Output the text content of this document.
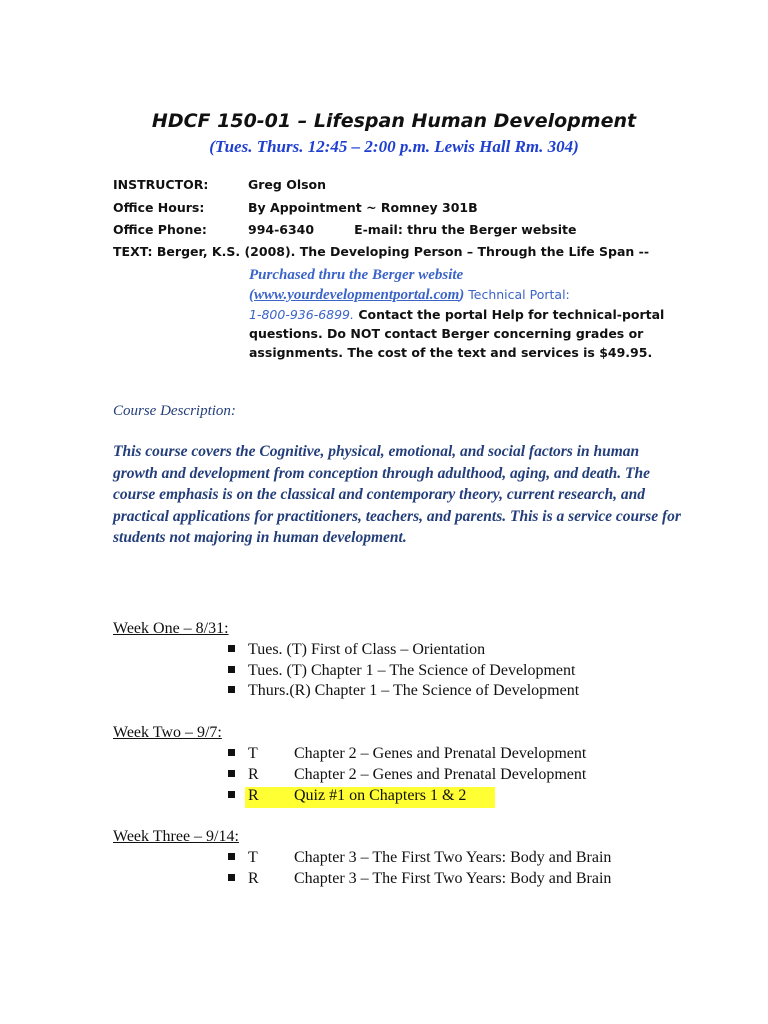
HDCF 150-01 – Lifespan Human Development
(Tues. Thurs. 12:45 – 2:00 p.m. Lewis Hall Rm. 304)
INSTRUCTOR:	Greg Olson
Office Hours:	By Appointment ~ Romney 301B
Office Phone:	994-6340	E-mail: thru the Berger website
TEXT: Berger, K.S. (2008). The Developing Person – Through the Life Span --
Purchased thru the Berger website
(www.yourdevelopmentportal.com) Technical Portal:
1-800-936-6899. Contact the portal Help for technical-portal questions. Do NOT contact Berger concerning grades or assignments. The cost of the text and services is $49.95.
Course Description:
This course covers the Cognitive, physical, emotional, and social factors in human growth and development from conception through adulthood, aging, and death. The course emphasis is on the classical and contemporary theory, current research, and practical applications for practitioners, teachers, and parents. This is a service course for students not majoring in human development.
Week One – 8/31:
Tues. (T) First of Class – Orientation
Tues. (T) Chapter 1 – The Science of Development
Thurs.(R) Chapter 1 – The Science of Development
Week Two – 9/7:
T Chapter 2 – Genes and Prenatal Development
R Chapter 2 – Genes and Prenatal Development
R Quiz #1 on Chapters 1 & 2
Week Three – 9/14:
T Chapter 3 – The First Two Years: Body and Brain
R Chapter 3 – The First Two Years: Body and Brain
